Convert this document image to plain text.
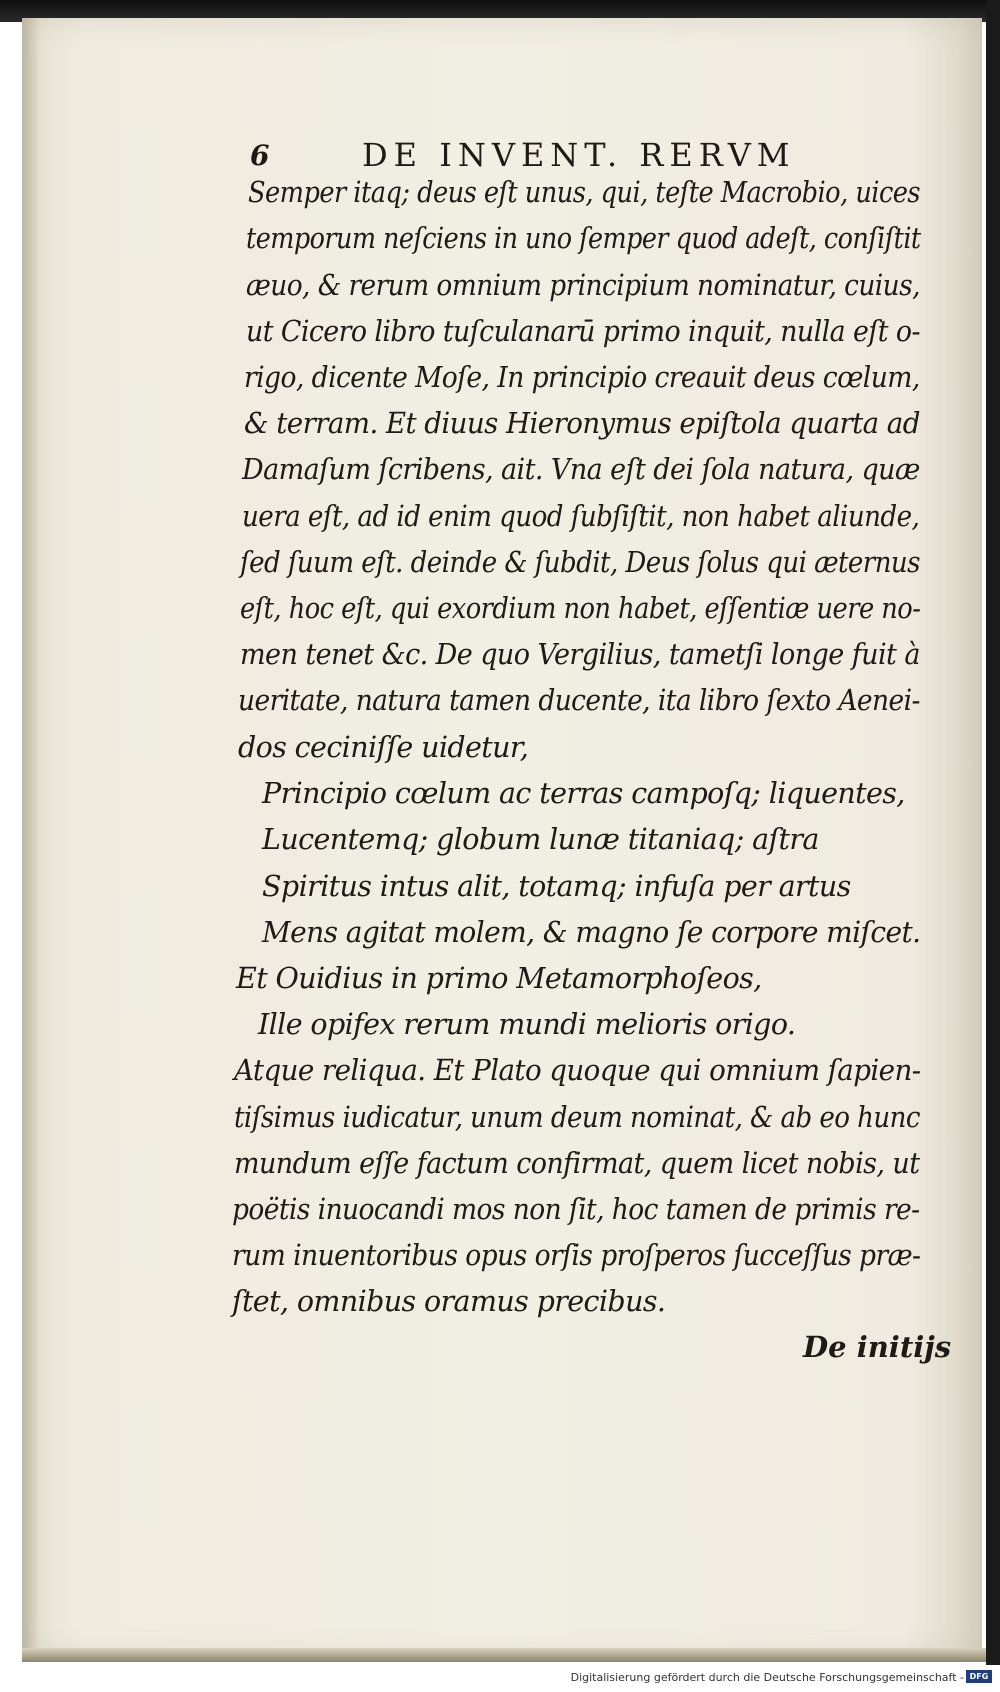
6	DE INVENT. RERVM
Semper itaq; deus eſt unus, qui, teſte Macrobio, uices
temporum neſciens in uno ſemper quod adeſt, conſiſtit
æuo, & rerum omnium principium nominatur, cuius,
ut Cicero libro tuſculanarū primo inquit, nulla eſt o-
rigo, dicente Moſe, In principio creauit deus cœlum,
& terram. Et diuus Hieronymus epiſtola quarta ad
Damaſum ſcribens, ait. Vna eſt dei ſola natura, quæ
uera eſt, ad id enim quod ſubſiſtit, non habet aliunde,
ſed ſuum eſt. deinde & ſubdit, Deus ſolus qui æternus
eſt, hoc eſt, qui exordium non habet, eſſentiæ uere no-
men tenet &c. De quo Vergilius, tametſi longe fuit à
ueritate, natura tamen ducente, ita libro ſexto Aenei-
dos ceciniſſe uidetur,
Principio cœlum ac terras campoſq; liquentes,
Lucentemq; globum lunæ titaniaq; aſtra
Spiritus intus alit, totamq; infuſa per artus
Mens agitat molem, & magno ſe corpore miſcet.
Et Ouidius in primo Metamorphoſeos,
Ille opifex rerum mundi melioris origo.
Atque reliqua. Et Plato quoque qui omnium ſapien-
tiſsimus iudicatur, unum deum nominat, & ab eo hunc
mundum eſſe factum confirmat, quem licet nobis, ut
poëtis inuocandi mos non ſit, hoc tamen de primis re-
rum inuentoribus opus orſis proſperos ſucceſſus præ-
ſtet, omnibus oramus precibus.
De initijs
Digitalisierung gefördert durch die Deutsche Forschungsgemeinschaft - DFG
